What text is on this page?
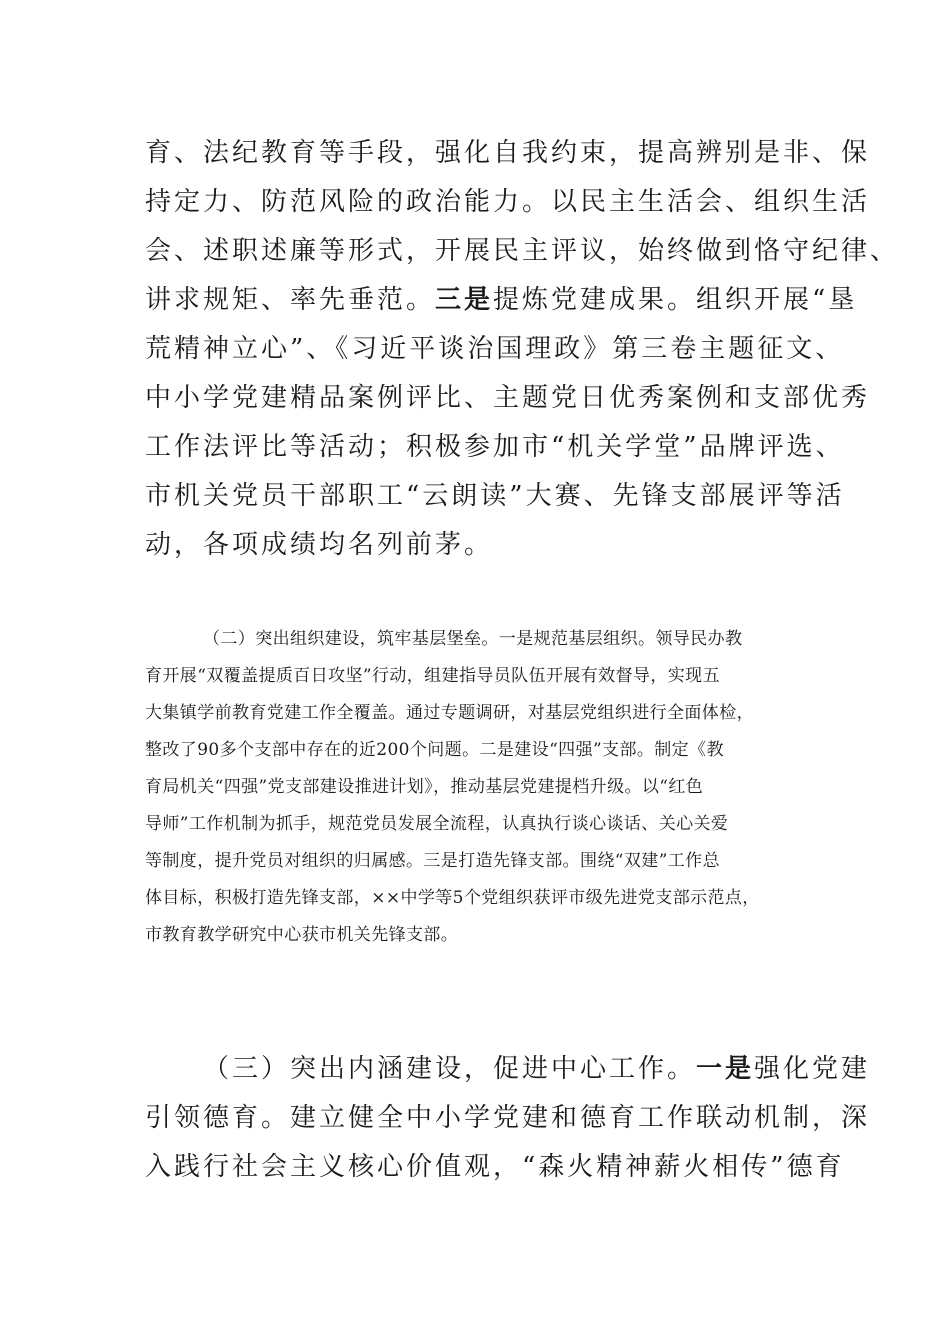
育、法纪教育等手段，强化自我约束，提高辨别是非、保
持定力、防范风险的政治能力。以民主生活会、组织生活
会、述职述廉等形式，开展民主评议，始终做到恪守纪律、
讲求规矩、率先垂范。三是提炼党建成果。组织开展“垦
荒精神立心”、《习近平谈治国理政》第三卷主题征文、
中小学党建精品案例评比、主题党日优秀案例和支部优秀
工作法评比等活动；积极参加市“机关学堂”品牌评选、
市机关党员干部职工“云朗读”大赛、先锋支部展评等活
动，各项成绩均名列前茅。
（二）突出组织建设，筑牢基层堡垒。一是规范基层组织。领导民办教
育开展“双覆盖提质百日攻坚”行动，组建指导员队伍开展有效督导，实现五
大集镇学前教育党建工作全覆盖。通过专题调研，对基层党组织进行全面体检，
整改了90多个支部中存在的近200个问题。二是建设“四强”支部。制定《教
育局机关“四强”党支部建设推进计划》，推动基层党建提档升级。以“红色
导师”工作机制为抓手，规范党员发展全流程，认真执行谈心谈话、关心关爱
等制度，提升党员对组织的归属感。三是打造先锋支部。围绕“双建”工作总
体目标，积极打造先锋支部，××中学等5个党组织获评市级先进党支部示范点，
市教育教学研究中心获市机关先锋支部。
（三）突出内涵建设，促进中心工作。一是强化党建
引领德育。建立健全中小学党建和德育工作联动机制，深
入践行社会主义核心价值观，“森火精神薪火相传”德育
